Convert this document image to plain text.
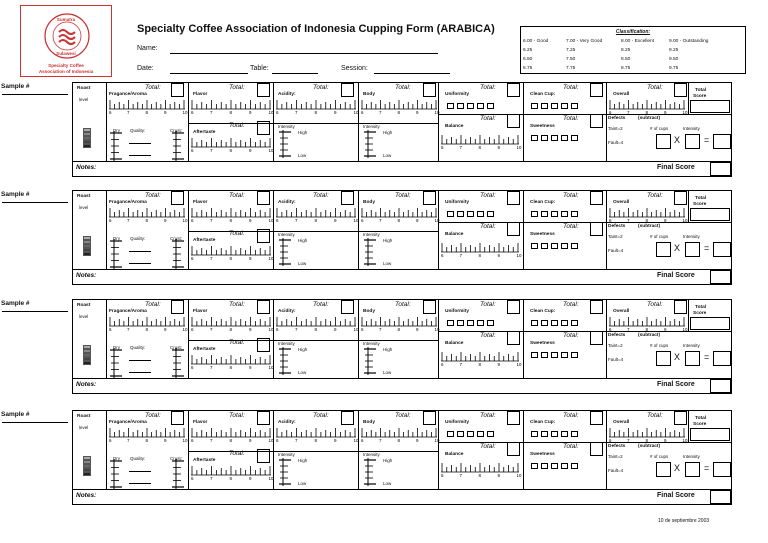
Sumatra
Sulawesi
Specialty Coffee
Association of Indonesia
Specialty Coffee Association of Indonesia Cupping Form (ARABICA)
Name:
Date:	Table:	Session:
Classification:
6.00 - Good	7.00 - Very Good	8.00 - Excellent	9.00 - Outstanding
6.25	7.25	8.25	9.25
6.50	7.50	8.50	9.50
6.75	7.75	8.75	9.75
Sample #	Roast
level
Fragance/Aroma
Total:
6	7	8	9	10
Dry Quality:	Crust:
Flavor
Total:
6	7	8	9	10
Aftertaste
Total:
6	7	8	9	10
Acidity:
Total:
6	7	8	9	10
Intensity
High
Low
Body
Total:
6	7	8	9	10
Intensity
High
Low
Uniformity
Total:
Balance
Total:
6	7	8	9	10
Clean Cup:
Total:
Sweetness
Total:
Overall
Total:
6	7	8	9	10
Total
Score
Defects	(subtract)
Taint=2
Fault=4
# of cups	Intensity
X	=
Notes:	Final Score
Sample #	Roast
level
Fragance/Aroma
Total:
6	7	8	9	10
Dry Quality:	Crust:
Flavor
Total:
6	7	8	9	10
Aftertaste
Total:
6	7	8	9	10
Acidity:
Total:
6	7	8	9	10
Intensity
High
Low
Body
Total:
6	7	8	9	10
Intensity
High
Low
Uniformity
Total:
Balance
Total:
6	7	8	9	10
Clean Cup:
Total:
Sweetness
Total:
Overall
Total:
6	7	8	9	10
Total
Score
Defects	(subtract)
Taint=2
Fault=4
# of cups	Intensity
X	=
Notes:	Final Score
Sample #	Roast
level
Fragance/Aroma
Total:
6	7	8	9	10
Dry Quality:	Crust:
Flavor
Total:
6	7	8	9	10
Aftertaste
Total:
6	7	8	9	10
Acidity:
Total:
6	7	8	9	10
Intensity
High
Low
Body
Total:
6	7	8	9	10
Intensity
High
Low
Uniformity
Total:
Balance
Total:
6	7	8	9	10
Clean Cup:
Total:
Sweetness
Total:
Overall
Total:
6	7	8	9	10
Total
Score
Defects	(subtract)
Taint=2
Fault=4
# of cups	Intensity
X	=
Notes:	Final Score
Sample #	Roast
level
Fragance/Aroma
Total:
6	7	8	9	10
Dry Quality:	Crust:
Flavor
Total:
6	7	8	9	10
Aftertaste
Total:
6	7	8	9	10
Acidity:
Total:
6	7	8	9	10
Intensity
High
Low
Body
Total:
6	7	8	9	10
Intensity
High
Low
Uniformity
Total:
Balance
Total:
6	7	8	9	10
Clean Cup:
Total:
Sweetness
Total:
Overall
Total:
6	7	8	9	10
Total
Score
Defects	(subtract)
Taint=2
Fault=4
# of cups	Intensity
X	=
Notes:	Final Score
10 de septiembre 2003
